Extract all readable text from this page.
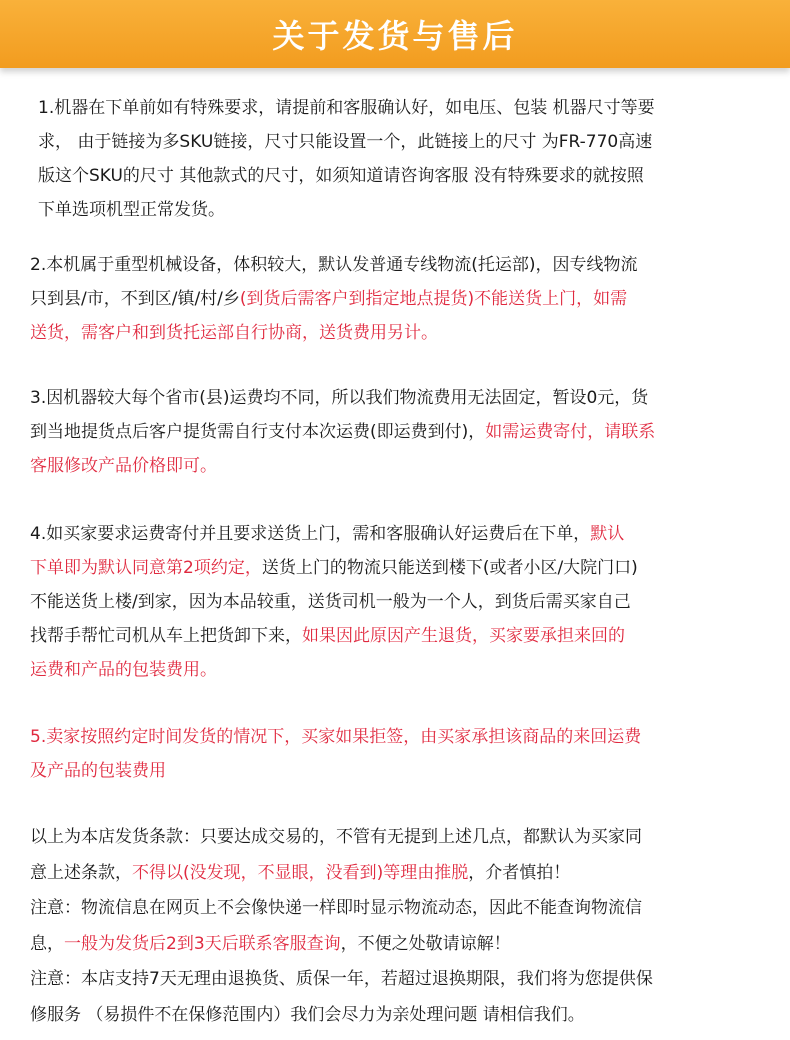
关于发货与售后
1.机器在下单前如有特殊要求，请提前和客服确认好，如电压、包装 机器尺寸等要
求， 由于链接为多SKU链接，尺寸只能设置一个，此链接上的尺寸 为FR-770高速
版这个SKU的尺寸 其他款式的尺寸，如须知道请咨询客服 没有特殊要求的就按照
下单选项机型正常发货。
2.本机属于重型机械设备，体积较大，默认发普通专线物流(托运部)，因专线物流
只到县/市，不到区/镇/村/乡(到货后需客户到指定地点提货)不能送货上门，如需
送货，需客户和到货托运部自行协商，送货费用另计。
3.因机器较大每个省市(县)运费均不同，所以我们物流费用无法固定，暂设0元，货
到当地提货点后客户提货需自行支付本次运费(即运费到付)，如需运费寄付，请联系
客服修改产品价格即可。
4.如买家要求运费寄付并且要求送货上门，需和客服确认好运费后在下单，默认
下单即为默认同意第2项约定，送货上门的物流只能送到楼下(或者小区/大院门口)
不能送货上楼/到家，因为本品较重，送货司机一般为一个人，到货后需买家自己
找帮手帮忙司机从车上把货卸下来，如果因此原因产生退货，买家要承担来回的
运费和产品的包装费用。
5.卖家按照约定时间发货的情况下，买家如果拒签，由买家承担该商品的来回运费
及产品的包装费用
以上为本店发货条款：只要达成交易的，不管有无提到上述几点，都默认为买家同
意上述条款，不得以(没发现，不显眼，没看到)等理由推脱，介者慎拍！
注意：物流信息在网页上不会像快递一样即时显示物流动态，因此不能查询物流信
息，一般为发货后2到3天后联系客服查询，不便之处敬请谅解！
注意：本店支持7天无理由退换货、质保一年，若超过退换期限，我们将为您提供保
修服务 （易损件不在保修范围内）我们会尽力为亲处理问题 请相信我们。
